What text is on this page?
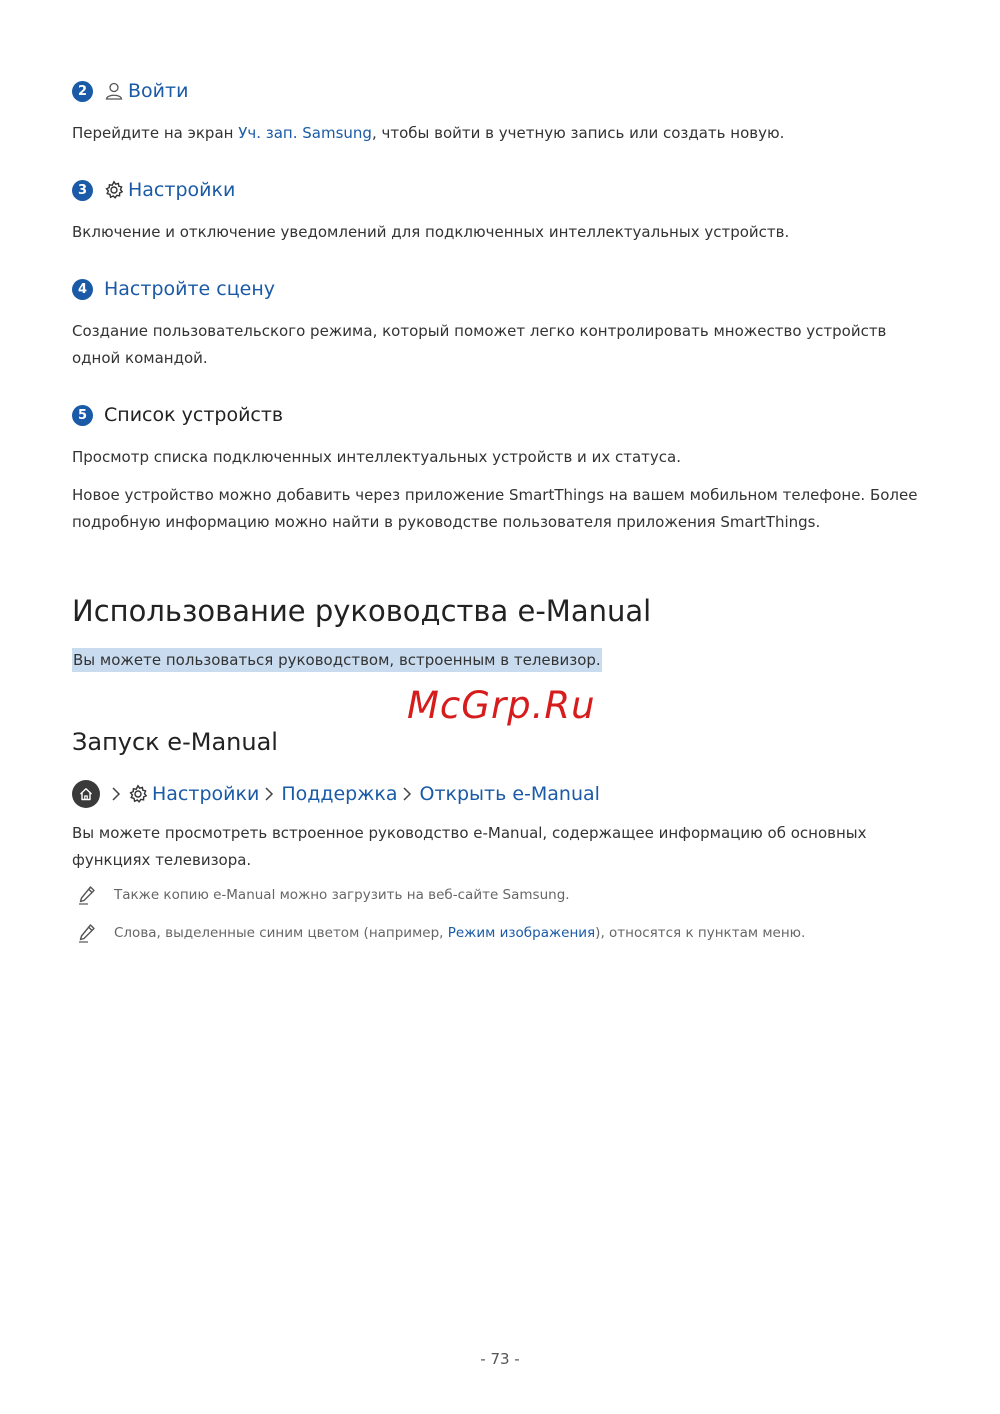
2	Войти

Перейдите на экран Уч. зап. Samsung, чтобы войти в учетную запись или создать новую.

3	Настройки

Включение и отключение уведомлений для подключенных интеллектуальных устройств.

4 Настройте сцену

Создание пользовательского режима, который поможет легко контролировать множество устройств одной командой.

5 Список устройств

Просмотр списка подключенных интеллектуальных устройств и их статуса.

Новое устройство можно добавить через приложение SmartThings на вашем мобильном телефоне. Более подробную информацию можно найти в руководстве пользователя приложения SmartThings.

Использование руководства e-Manual
Вы можете пользоваться руководством, встроенным в телевизор.
McGrp.Ru
Запуск e-Manual
Настройки Поддержка Открыть e-Manual

Вы можете просмотреть встроенное руководство e-Manual, содержащее информацию об основных функциях телевизора.

Также копию e-Manual можно загрузить на веб-сайте Samsung.
Слова, выделенные синим цветом (например, Режим изображения), относятся к пунктам меню.
- 73 -
